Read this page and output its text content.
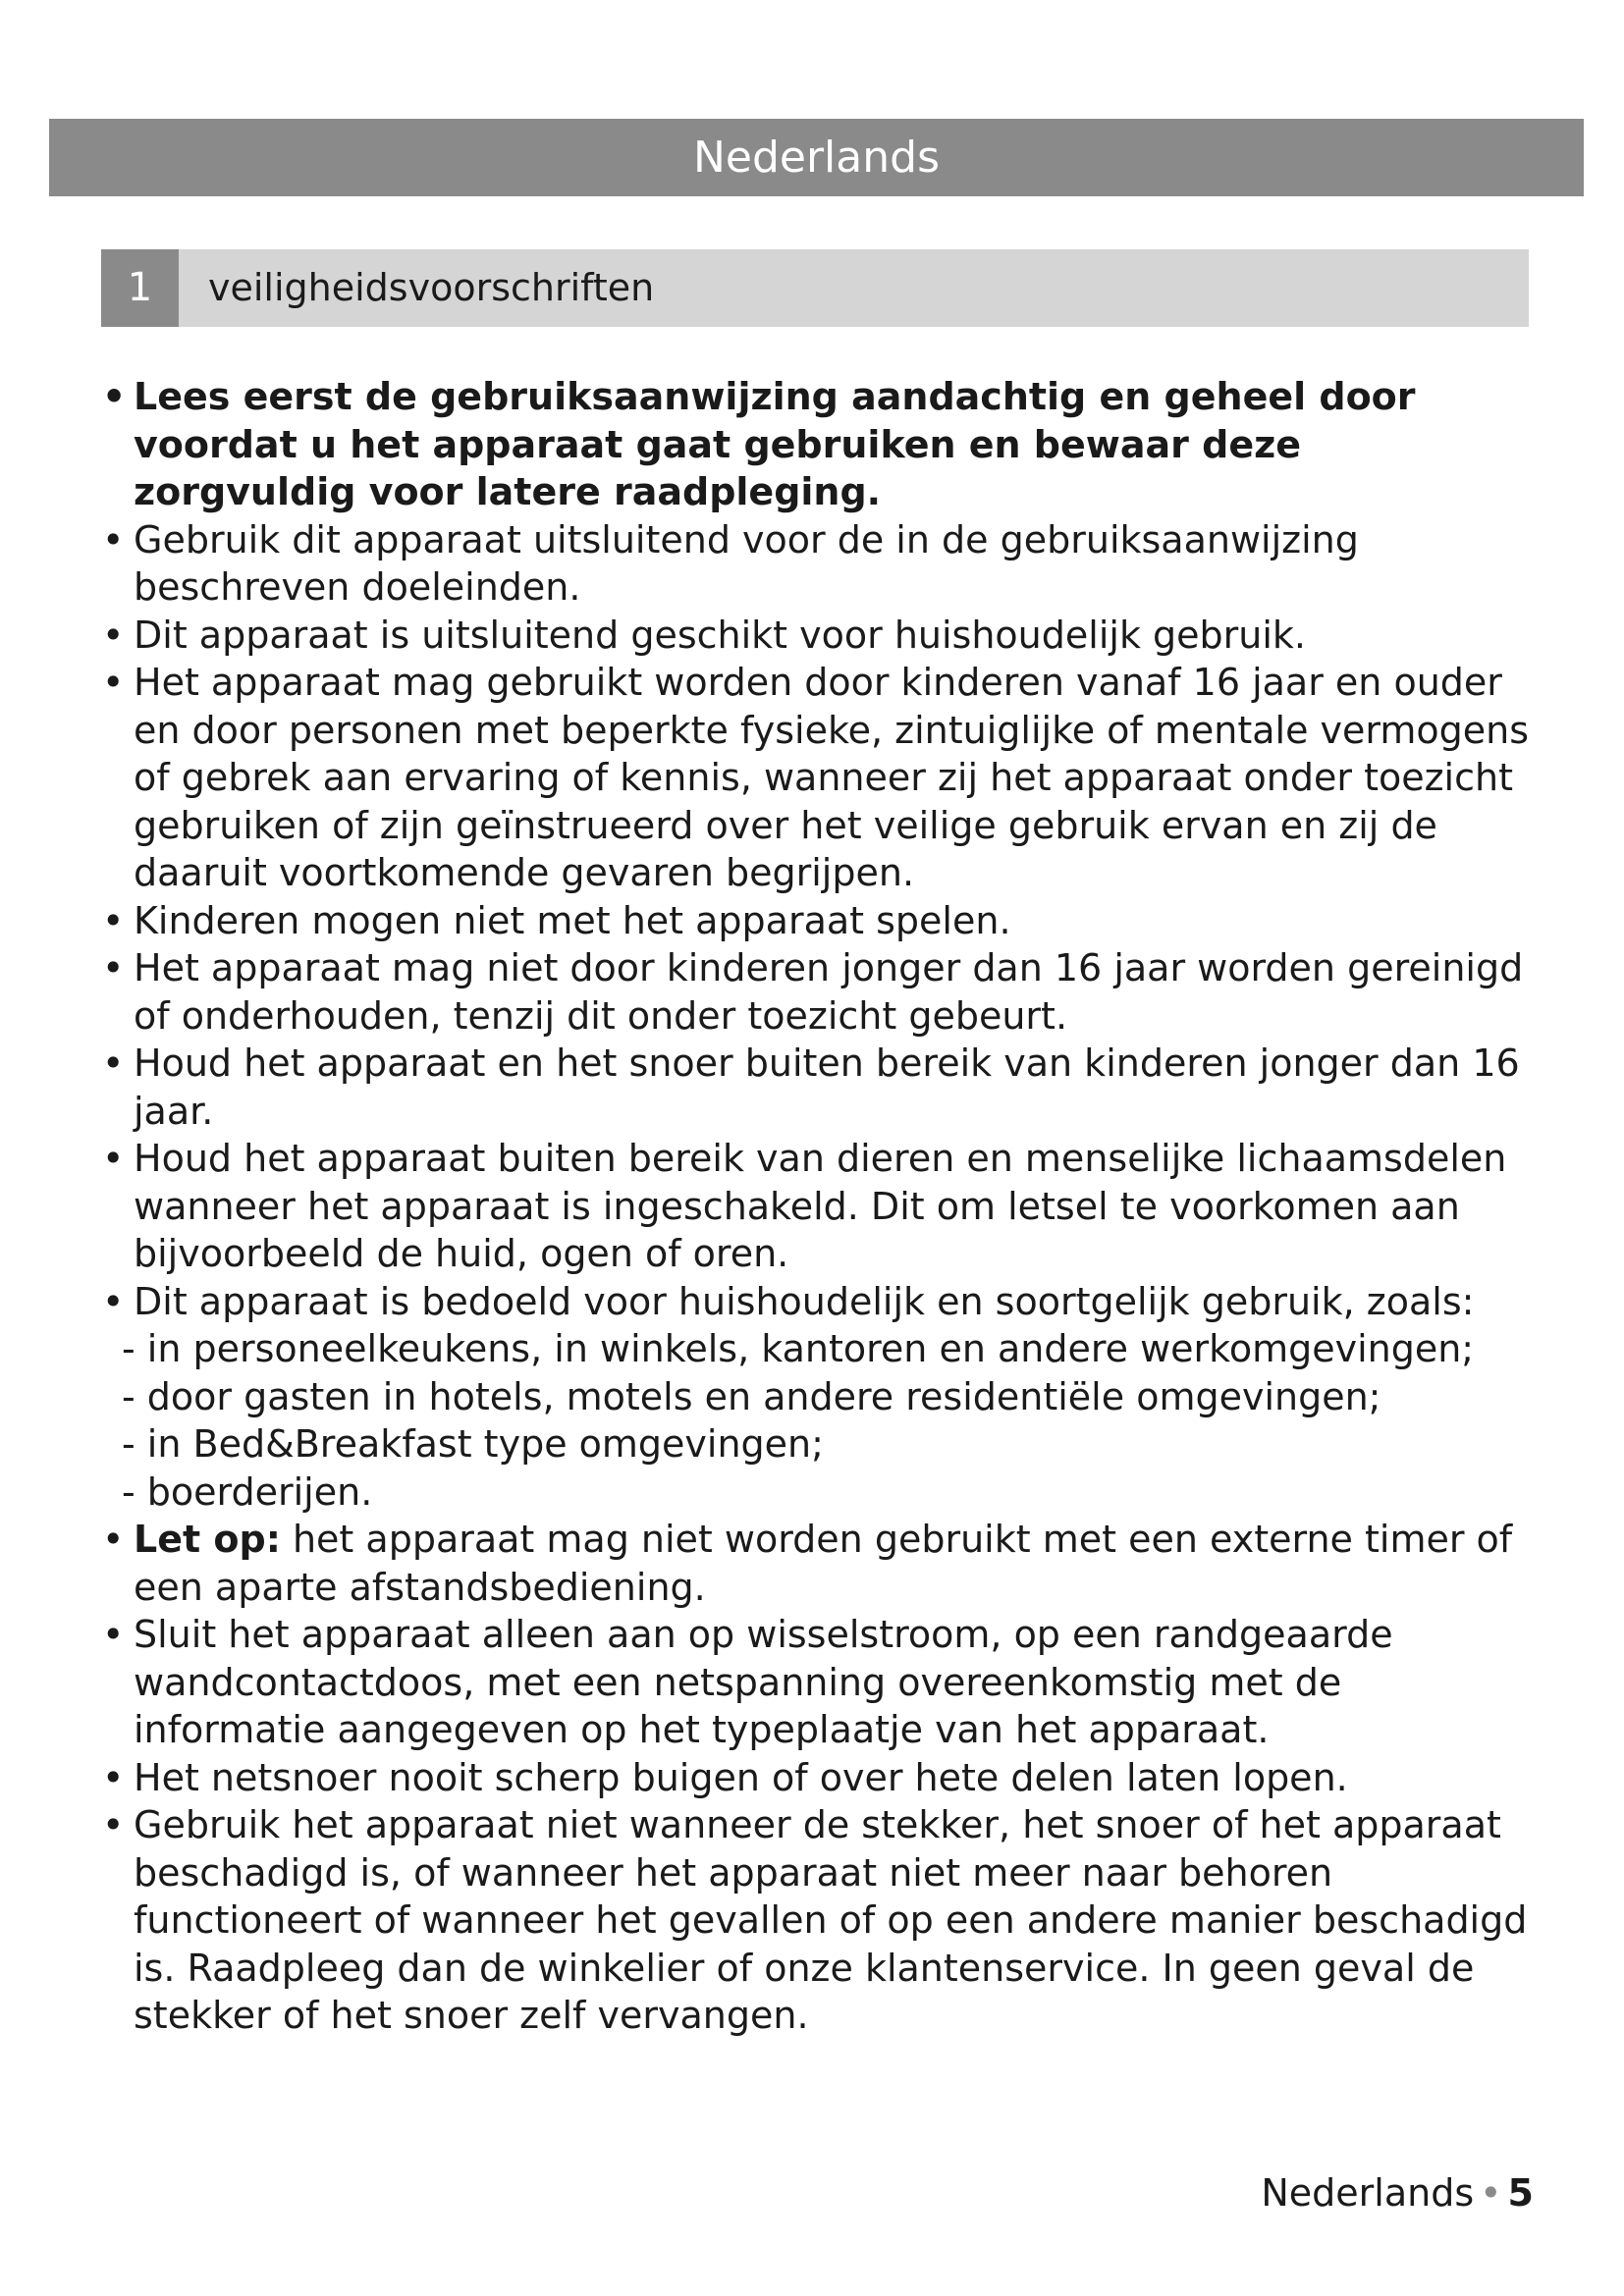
Nederlands
1	veiligheidsvoorschriften
• Lees eerst de gebruiksaanwijzing aandachtig en geheel door voordat u het apparaat gaat gebruiken en bewaar deze zorgvuldig voor latere raadpleging.
• Gebruik dit apparaat uitsluitend voor de in de gebruiksaanwijzing beschreven doeleinden.
• Dit apparaat is uitsluitend geschikt voor huishoudelijk gebruik.
• Het apparaat mag gebruikt worden door kinderen vanaf 16 jaar en ouder en door personen met beperkte fysieke, zintuiglijke of mentale vermogens of gebrek aan ervaring of kennis, wanneer zij het apparaat onder toezicht gebruiken of zijn geïnstrueerd over het veilige gebruik ervan en zij de daaruit voortkomende gevaren begrijpen.
• Kinderen mogen niet met het apparaat spelen.
• Het apparaat mag niet door kinderen jonger dan 16 jaar worden gereinigd of onderhouden, tenzij dit onder toezicht gebeurt.
• Houd het apparaat en het snoer buiten bereik van kinderen jonger dan 16 jaar.
• Houd het apparaat buiten bereik van dieren en menselijke lichaamsdelen wanneer het apparaat is ingeschakeld. Dit om letsel te voorkomen aan bijvoorbeeld de huid, ogen of oren.
• Dit apparaat is bedoeld voor huishoudelijk en soortgelijk gebruik, zoals:
- in personeelkeukens, in winkels, kantoren en andere werkomgevingen;
- door gasten in hotels, motels en andere residentiële omgevingen;
- in Bed&Breakfast type omgevingen;
- boerderijen.
• Let op: het apparaat mag niet worden gebruikt met een externe timer of een aparte afstandsbediening.
• Sluit het apparaat alleen aan op wisselstroom, op een randgeaarde wandcontactdoos, met een netspanning overeenkomstig met de informatie aangegeven op het typeplaatje van het apparaat.
• Het netsnoer nooit scherp buigen of over hete delen laten lopen.
• Gebruik het apparaat niet wanneer de stekker, het snoer of het apparaat beschadigd is, of wanneer het apparaat niet meer naar behoren functioneert of wanneer het gevallen of op een andere manier beschadigd is. Raadpleeg dan de winkelier of onze klantenservice. In geen geval de stekker of het snoer zelf vervangen.
Nederlands • 5
